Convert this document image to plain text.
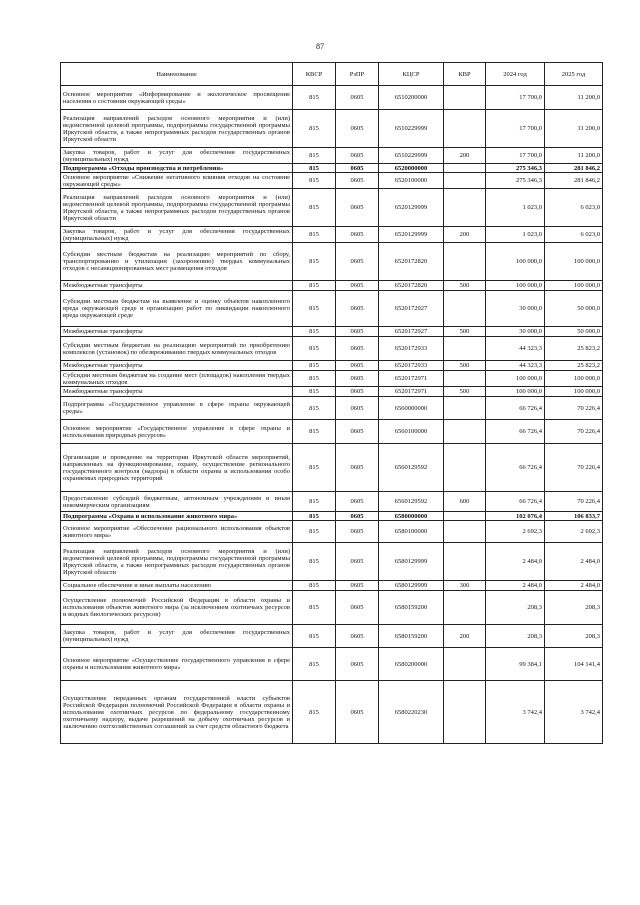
87
Наименование	КВСР	РзПР	КЦСР	КВР	2024 год	2025 год
Основное мероприятие «Информирование и экологическое просвещение населения о состоянии окружающей среды»	815	0605	6510200000		17 700,0	11 200,0
Реализация направлений расходов основного мероприятия и (или) ведомственной целевой программы, подпрограммы государственной программы Иркутской области, а также непрограммных расходов государственных органов Иркутской области	815	0605	6510229999		17 700,0	11 200,0
Закупка товаров, работ и услуг для обеспечения государственных (муниципальных) нужд	815	0605	6510229999	200	17 700,0	11 200,0
Подпрограмма «Отходы производства и потребления»	815	0605	6520000000		275 346,3	281 846,2
Основное мероприятие «Снижение негативного влияния отходов на состояние окружающей среды»	815	0605	6520100000		275 346,3	281 846,2
Реализация направлений расходов основного мероприятия и (или) ведомственной целевой программы, подпрограммы государственной программы Иркутской области, а также непрограммных расходов государственных органов Иркутской области	815	0605	6520129999		1 023,0	6 023,0
Закупка товаров, работ и услуг для обеспечения государственных (муниципальных) нужд	815	0605	6520129999	200	1 023,0	6 023,0
Субсидии местным бюджетам на реализацию мероприятий по сбору, транспортированию и утилизации (захоронению) твердых коммунальных отходов с несанкционированных мест размещения отходов	815	0605	6520172820		100 000,0	100 000,0
Межбюджетные трансферты	815	0605	6520172820	500	100 000,0	100 000,0
Субсидии местным бюджетам на выявление и оценку объектов накопленного вреда окружающей среде и организацию работ по ликвидации накопленного вреда окружающей среде	815	0605	6520172927		30 000,0	50 000,0
Межбюджетные трансферты	815	0605	6520172927	500	30 000,0	50 000,0
Субсидии местным бюджетам на реализацию мероприятий по приобретению комплексов (установок) по обезвреживанию твердых коммунальных отходов	815	0605	6520172933		44 323,3	25 823,2
Межбюджетные трансферты	815	0605	6520172933	500	44 323,3	25 823,2
Субсидии местным бюджетам на создание мест (площадок) накопления твердых коммунальных отходов	815	0605	6520172971		100 000,0	100 000,0
Межбюджетные трансферты	815	0605	6520172971	500	100 000,0	100 000,0
Подпрограмма «Государственное управление в сфере охраны окружающей среды»	815	0605	6560000000		66 726,4	70 226,4
Основное мероприятие «Государственное управление в сфере охраны и использования природных ресурсов»	815	0605	6560100000		66 726,4	70 226,4
Организация и проведение на территории Иркутской области мероприятий, направленных на функционирование, охрану, осуществление регионального государственного контроля (надзора) в области охраны и использования особо охраняемых природных территорий	815	0605	6560129592		66 726,4	70 226,4
Предоставление субсидий бюджетным, автономным учреждениям и иным некоммерческим организациям	815	0605	6560129592	600	66 726,4	70 226,4
Подпрограмма «Охрана и использование животного мира»	815	0605	6580000000		102 076,4	106 833,7
Основное мероприятие «Обеспечение рационального использования объектов животного мира»	815	0605	6580100000		2 692,3	2 692,3
Реализация направлений расходов основного мероприятия и (или) ведомственной целевой программы, подпрограммы государственной программы Иркутской области, а также непрограммных расходов государственных органов Иркутской области	815	0605	6580129999		2 484,0	2 484,0
Социальное обеспечение и иные выплаты населению	815	0605	6580129999	300	2 484,0	2 484,0
Осуществление полномочий Российской Федерации в области охраны и использования объектов животного мира (за исключением охотничьих ресурсов и водных биологических ресурсов)	815	0605	6580159200		208,3	208,3
Закупка товаров, работ и услуг для обеспечения государственных (муниципальных) нужд	815	0605	6580159200	200	208,3	208,3
Основное мероприятие «Осуществление государственного управления в сфере охраны и использования животного мира»	815	0605	6580200000		99 384,1	104 141,4
Осуществление переданных органам государственной власти субъектов Российской Федерации полномочий Российской Федерации в области охраны и использования охотничьих ресурсов по федеральному государственному охотничьему надзору, выдаче разрешений на добычу охотничьих ресурсов и заключению охотхозяйственных соглашений за счет средств областного бюджета	815	0605	6580220230		3 742,4	3 742,4
